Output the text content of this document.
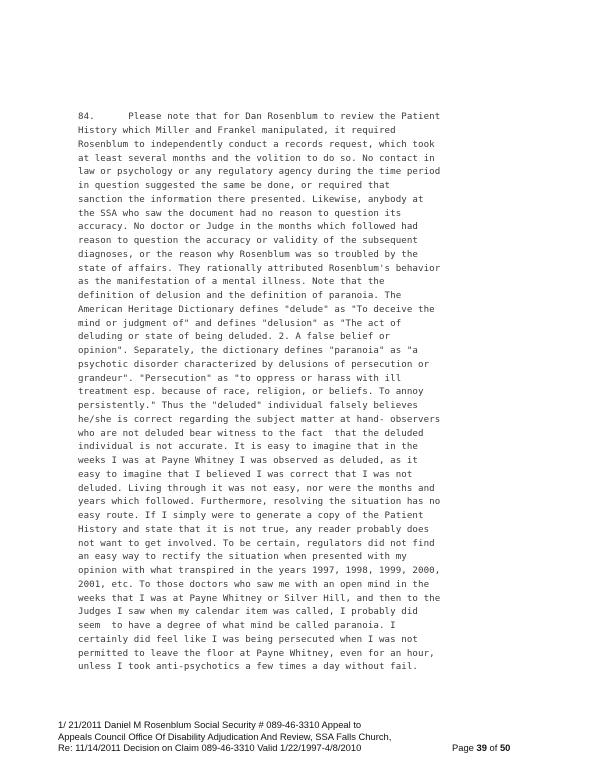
84.	Please note that for Dan Rosenblum to review the Patient
History which Miller and Frankel manipulated, it required
Rosenblum to independently conduct a records request, which took
at least several months and the volition to do so. No contact in
law or psychology or any regulatory agency during the time period
in question suggested the same be done, or required that
sanction the information there presented. Likewise, anybody at
the SSA who saw the document had no reason to question its
accuracy. No doctor or Judge in the months which followed had
reason to question the accuracy or validity of the subsequent
diagnoses, or the reason why Rosenblum was so troubled by the
state of affairs. They rationally attributed Rosenblum's behavior
as the manifestation of a mental illness. Note that the
definition of delusion and the definition of paranoia. The
American Heritage Dictionary defines "delude" as "To deceive the
mind or judgment of" and defines "delusion" as "The act of
deluding or state of being deluded. 2. A false belief or
opinion". Separately, the dictionary defines "paranoia" as "a
psychotic disorder characterized by delusions of persecution or
grandeur". "Persecution" as "to oppress or harass with ill
treatment esp. because of race, religion, or beliefs. To annoy
persistently." Thus the "deluded" individual falsely believes
he/she is correct regarding the subject matter at hand- observers
who are not deluded bear witness to the fact  that the deluded
individual is not accurate. It is easy to imagine that in the
weeks I was at Payne Whitney I was observed as deluded, as it
easy to imagine that I believed I was correct that I was not
deluded. Living through it was not easy, nor were the months and
years which followed. Furthermore, resolving the situation has no
easy route. If I simply were to generate a copy of the Patient
History and state that it is not true, any reader probably does
not want to get involved. To be certain, regulators did not find
an easy way to rectify the situation when presented with my
opinion with what transpired in the years 1997, 1998, 1999, 2000,
2001, etc. To those doctors who saw me with an open mind in the
weeks that I was at Payne Whitney or Silver Hill, and then to the
Judges I saw when my calendar item was called, I probably did
seem  to have a degree of what mind be called paranoia. I
certainly did feel like I was being persecuted when I was not
permitted to leave the floor at Payne Whitney, even for an hour,
unless I took anti-psychotics a few times a day without fail.
1/ 21/2011 Daniel M Rosenblum Social Security # 089-46-3310 Appeal to
Appeals Council Office Of Disability Adjudication And Review, SSA Falls Church,
Re: 11/14/2011 Decision on Claim 089-46-3310 Valid 1/22/1997-4/8/2010	Page 39 of 50
